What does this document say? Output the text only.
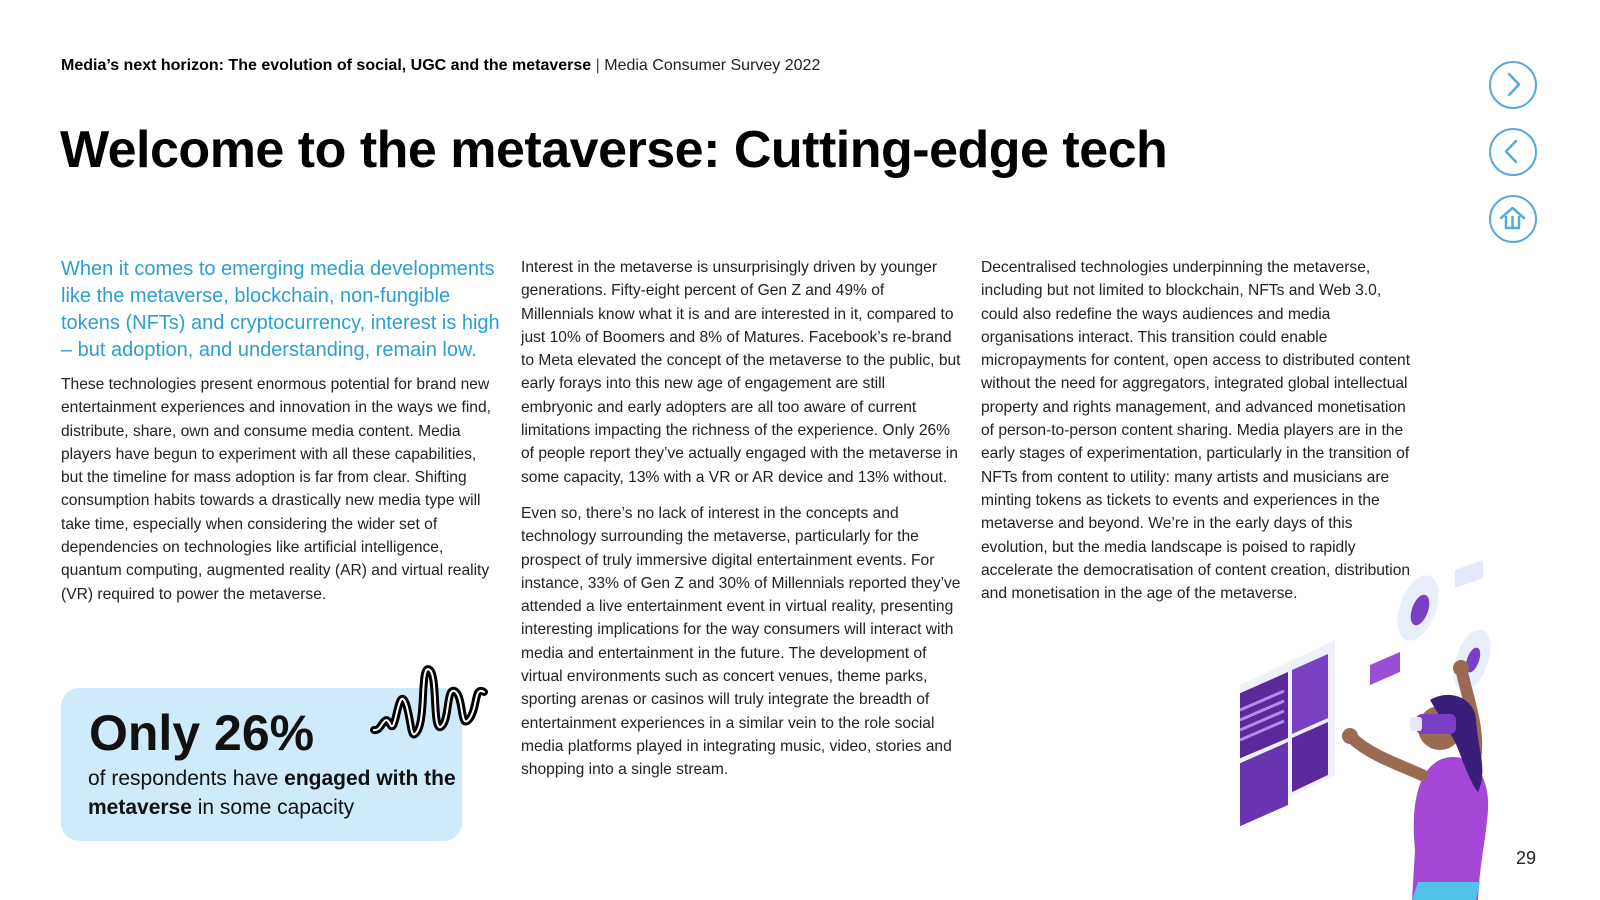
Media’s next horizon: The evolution of social, UGC and the metaverse | Media Consumer Survey 2022
Welcome to the metaverse: Cutting-edge tech

When it comes to emerging media developments like the metaverse, blockchain, non-fungible tokens (NFTs) and cryptocurrency, interest is high – but adoption, and understanding, remain low.

These technologies present enormous potential for brand new entertainment experiences and innovation in the ways we find, distribute, share, own and consume media content. Media players have begun to experiment with all these capabilities, but the timeline for mass adoption is far from clear. Shifting consumption habits towards a drastically new media type will take time, especially when considering the wider set of dependencies on technologies like artificial intelligence, quantum computing, augmented reality (AR) and virtual reality (VR) required to power the metaverse.

Interest in the metaverse is unsurprisingly driven by younger generations. Fifty-eight percent of Gen Z and 49% of Millennials know what it is and are interested in it, compared to just 10% of Boomers and 8% of Matures. Facebook’s re-brand to Meta elevated the concept of the metaverse to the public, but early forays into this new age of engagement are still embryonic and early adopters are all too aware of current limitations impacting the richness of the experience. Only 26% of people report they’ve actually engaged with the metaverse in some capacity, 13% with a VR or AR device and 13% without.

Even so, there’s no lack of interest in the concepts and technology surrounding the metaverse, particularly for the prospect of truly immersive digital entertainment events. For instance, 33% of Gen Z and 30% of Millennials reported they’ve attended a live entertainment event in virtual reality, presenting interesting implications for the way consumers will interact with media and entertainment in the future. The development of virtual environments such as concert venues, theme parks, sporting arenas or casinos will truly integrate the breadth of entertainment experiences in a similar vein to the role social media platforms played in integrating music, video, stories and shopping into a single stream.

Decentralised technologies underpinning the metaverse, including but not limited to blockchain, NFTs and Web 3.0, could also redefine the ways audiences and media organisations interact. This transition could enable micropayments for content, open access to distributed content without the need for aggregators, integrated global intellectual property and rights management, and advanced monetisation of person-to-person content sharing. Media players are in the early stages of experimentation, particularly in the transition of NFTs from content to utility: many artists and musicians are minting tokens as tickets to events and experiences in the metaverse and beyond. We’re in the early days of this evolution, but the media landscape is poised to rapidly accelerate the democratisation of content creation, distribution and monetisation in the age of the metaverse.

Only 26%
of respondents have engaged with the metaverse in some capacity
29
